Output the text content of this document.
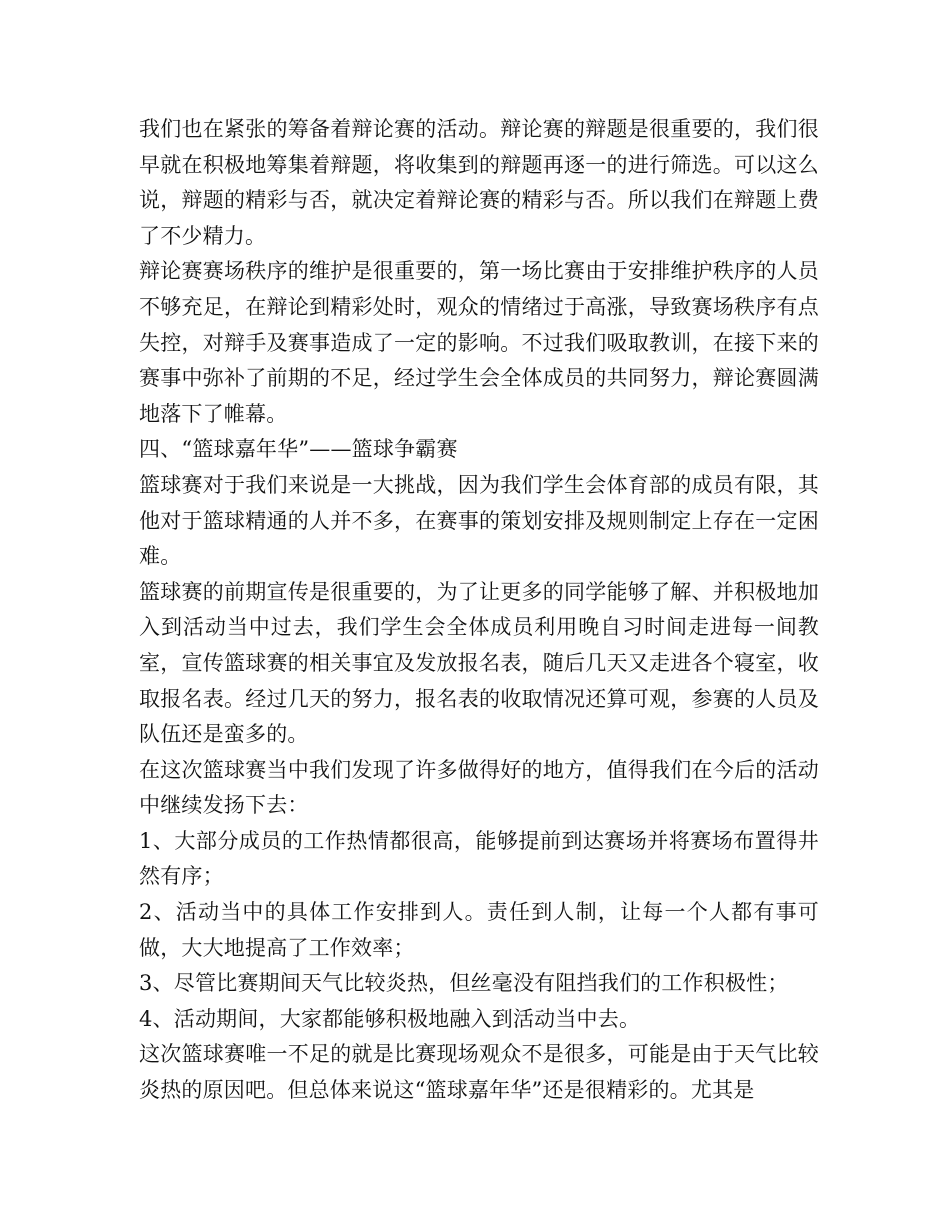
我们也在紧张的筹备着辩论赛的活动。辩论赛的辩题是很重要的，我们很早就在积极地筹集着辩题，将收集到的辩题再逐一的进行筛选。可以这么说，辩题的精彩与否，就决定着辩论赛的精彩与否。所以我们在辩题上费了不少精力。

辩论赛赛场秩序的维护是很重要的，第一场比赛由于安排维护秩序的人员不够充足，在辩论到精彩处时，观众的情绪过于高涨，导致赛场秩序有点失控，对辩手及赛事造成了一定的影响。不过我们吸取教训，在接下来的赛事中弥补了前期的不足，经过学生会全体成员的共同努力，辩论赛圆满地落下了帷幕。

四、“篮球嘉年华”——篮球争霸赛

篮球赛对于我们来说是一大挑战，因为我们学生会体育部的成员有限，其他对于篮球精通的人并不多，在赛事的策划安排及规则制定上存在一定困难。

篮球赛的前期宣传是很重要的，为了让更多的同学能够了解、并积极地加入到活动当中过去，我们学生会全体成员利用晚自习时间走进每一间教室，宣传篮球赛的相关事宜及发放报名表，随后几天又走进各个寝室，收取报名表。经过几天的努力，报名表的收取情况还算可观，参赛的人员及队伍还是蛮多的。

在这次篮球赛当中我们发现了许多做得好的地方，值得我们在今后的活动中继续发扬下去：

1、大部分成员的工作热情都很高，能够提前到达赛场并将赛场布置得井然有序；

2、活动当中的具体工作安排到人。责任到人制，让每一个人都有事可做，大大地提高了工作效率；

3、尽管比赛期间天气比较炎热，但丝毫没有阻挡我们的工作积极性；

4、活动期间，大家都能够积极地融入到活动当中去。

这次篮球赛唯一不足的就是比赛现场观众不是很多，可能是由于天气比较炎热的原因吧。但总体来说这“篮球嘉年华”还是很精彩的。尤其是
